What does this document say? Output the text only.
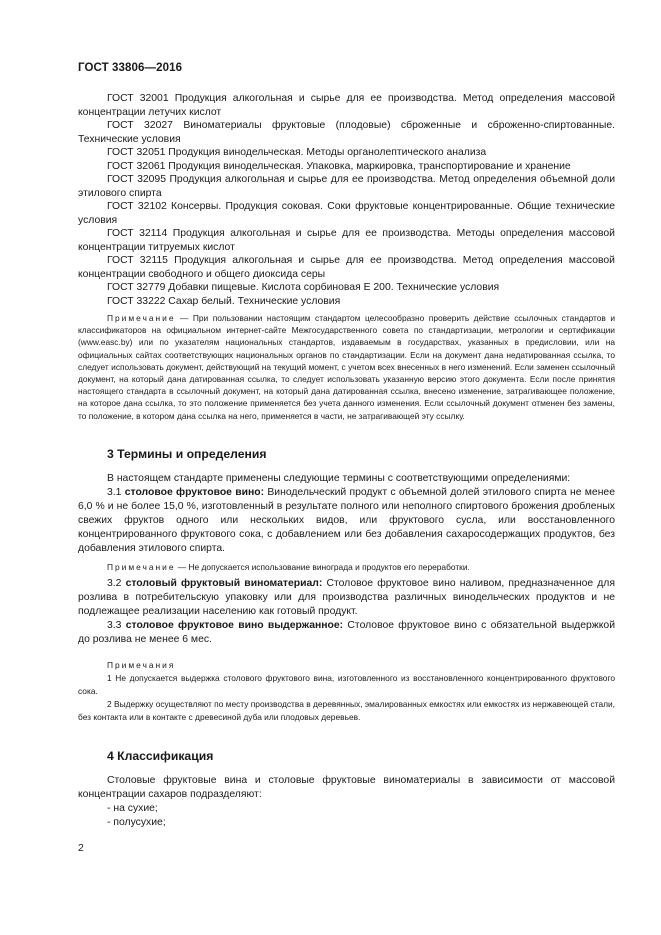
ГОСТ 33806—2016

ГОСТ 32001 Продукция алкогольная и сырье для ее производства. Метод определения массовой концентрации летучих кислот

ГОСТ 32027 Виноматериалы фруктовые (плодовые) сброженные и сброженно-спиртованные. Технические условия

ГОСТ 32051 Продукция винодельческая. Методы органолептического анализа

ГОСТ 32061 Продукция винодельческая. Упаковка, маркировка, транспортирование и хранение

ГОСТ 32095 Продукция алкогольная и сырье для ее производства. Метод определения объемной доли этилового спирта

ГОСТ 32102 Консервы. Продукция соковая. Соки фруктовые концентрированные. Общие технические условия

ГОСТ 32114 Продукция алкогольная и сырье для ее производства. Методы определения массовой концентрации титруемых кислот

ГОСТ 32115 Продукция алкогольная и сырье для ее производства. Метод определения массовой концентрации свободного и общего диоксида серы

ГОСТ 32779 Добавки пищевые. Кислота сорбиновая Е 200. Технические условия

ГОСТ 33222 Сахар белый. Технические условия

Примечание — При пользовании настоящим стандартом целесообразно проверить действие ссылочных стандартов и классификаторов на официальном интернет-сайте Межгосударственного совета по стандартизации, метрологии и сертификации (www.easc.by) или по указателям национальных стандартов, издаваемым в государствах, указанных в предисловии, или на официальных сайтах соответствующих национальных органов по стандартизации. Если на документ дана недатированная ссылка, то следует использовать документ, действующий на текущий момент, с учетом всех внесенных в него изменений. Если заменен ссылочный документ, на который дана датированная ссылка, то следует использовать указанную версию этого документа. Если после принятия настоящего стандарта в ссылочный документ, на который дана датированная ссылка, внесено изменение, затрагивающее положение, на которое дана ссылка, то это положение применяется без учета данного изменения. Если ссылочный документ отменен без замены, то положение, в котором дана ссылка на него, применяется в части, не затрагивающей эту ссылку.

3 Термины и определения

В настоящем стандарте применены следующие термины с соответствующими определениями:

3.1 столовое фруктовое вино: Винодельческий продукт с объемной долей этилового спирта не менее 6,0 % и не более 15,0 %, изготовленный в результате полного или неполного спиртового брожения дробленых свежих фруктов одного или нескольких видов, или фруктового сусла, или восстановленного концентрированного фруктового сока, с добавлением или без добавления сахаросодержащих продуктов, без добавления этилового спирта.

Примечание — Не допускается использование винограда и продуктов его переработки.

3.2 столовый фруктовый виноматериал: Столовое фруктовое вино наливом, предназначенное для розлива в потребительскую упаковку или для производства различных винодельческих продуктов и не подлежащее реализации населению как готовый продукт.

3.3 столовое фруктовое вино выдержанное: Столовое фруктовое вино с обязательной выдержкой до розлива не менее 6 мес.

Примечания

1 Не допускается выдержка столового фруктового вина, изготовленного из восстановленного концентрированного фруктового сока.

2 Выдержку осуществляют по месту производства в деревянных, эмалированных емкостях или емкостях из нержавеющей стали, без контакта или в контакте с древесиной дуба или плодовых деревьев.

4 Классификация

Столовые фруктовые вина и столовые фруктовые виноматериалы в зависимости от массовой концентрации сахаров подразделяют:

- на сухие;

- полусухие;

2
